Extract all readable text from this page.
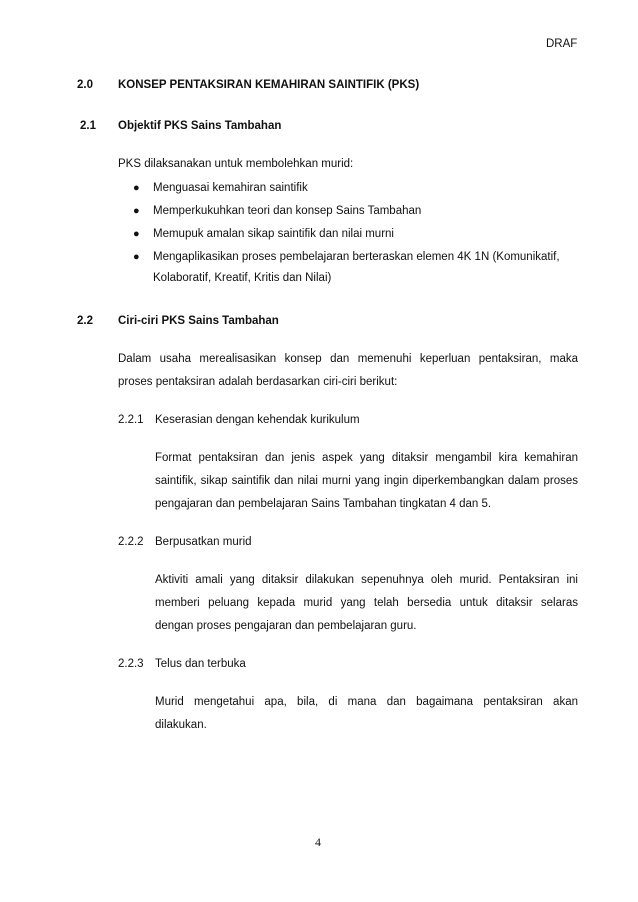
DRAF
2.0 KONSEP PENTAKSIRAN KEMAHIRAN SAINTIFIK (PKS)
2.1 Objektif PKS Sains Tambahan
PKS dilaksanakan untuk membolehkan murid:
● Menguasai kemahiran saintifik
● Memperkukuhkan teori dan konsep Sains Tambahan
● Memupuk amalan sikap saintifik dan nilai murni
● Mengaplikasikan proses pembelajaran berteraskan elemen 4K 1N (Komunikatif,
Kolaboratif, Kreatif, Kritis dan Nilai)
2.2 Ciri-ciri PKS Sains Tambahan
Dalam usaha merealisasikan konsep dan memenuhi keperluan pentaksiran, maka
proses pentaksiran adalah berdasarkan ciri-ciri berikut:
2.2.1 Keserasian dengan kehendak kurikulum
Format pentaksiran dan jenis aspek yang ditaksir mengambil kira kemahiran
saintifik, sikap saintifik dan nilai murni yang ingin diperkembangkan dalam proses
pengajaran dan pembelajaran Sains Tambahan tingkatan 4 dan 5.
2.2.2 Berpusatkan murid
Aktiviti amali yang ditaksir dilakukan sepenuhnya oleh murid. Pentaksiran ini
memberi peluang kepada murid yang telah bersedia untuk ditaksir selaras
dengan proses pengajaran dan pembelajaran guru.
2.2.3 Telus dan terbuka
Murid mengetahui apa, bila, di mana dan bagaimana pentaksiran akan
dilakukan.
4
